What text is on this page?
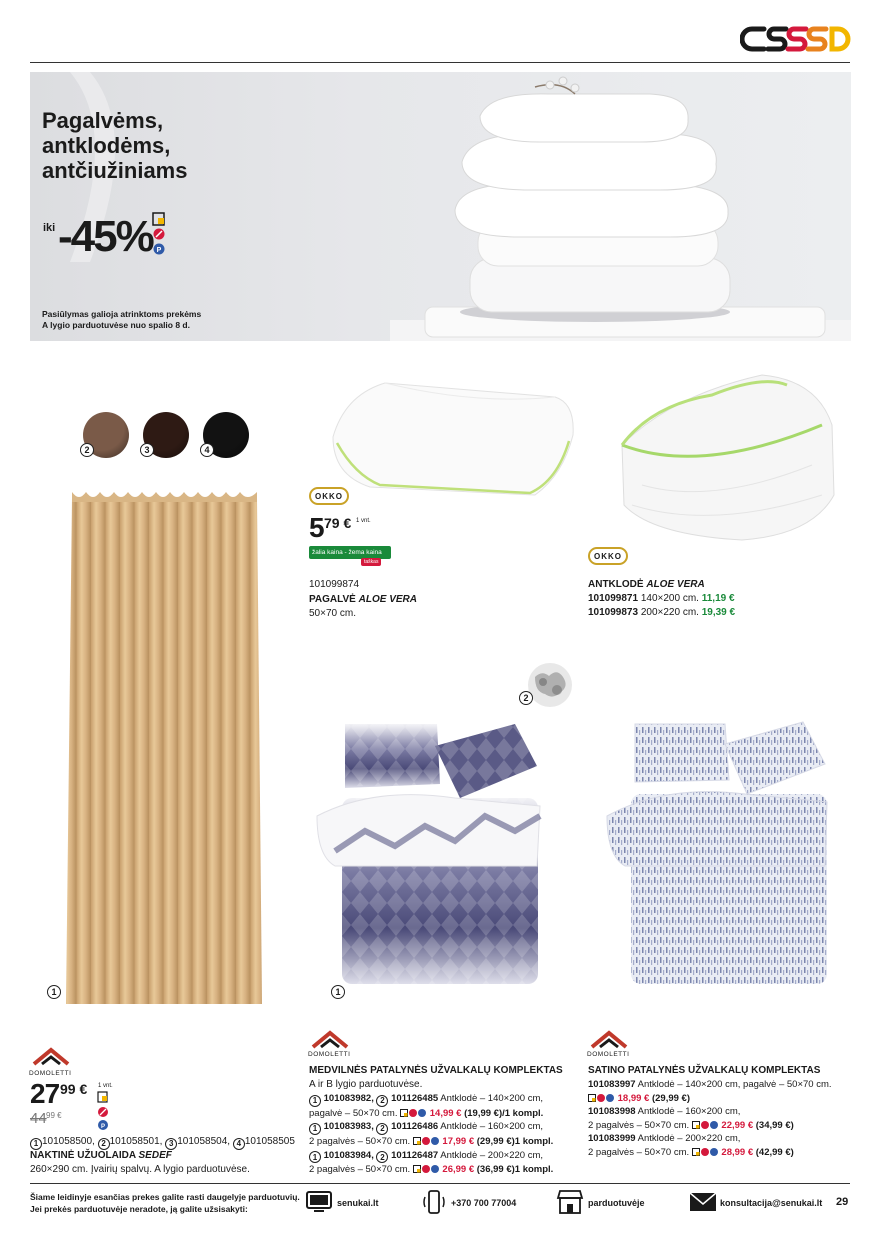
Pagalvėms,
antklodėms,
antčiužiniams
iki -45% P
Pasiūlymas galioja atrinktoms prekėms
A lygio parduotuvėse nuo spalio 8 d.
2	3	4
1
OKKO
5 79 € 1 vnt.
žalia kaina - žema kaina
taškas
101099874
PAGALVĖ ALOE VERA
50×70 cm.
OKKO
ANTKLODĖ ALOE VERA
101099871 140×200 cm. 11,19 €
101099873 200×220 cm. 19,39 €
2
1
DOMOLETTI
DOMOLETTI	DOMOLETTI
27 99 € 1 vnt.
P
44 99 €
1 101058500, 2 101058501, 3 101058504, 4 101058505
NAKTINĖ UŽUOLAIDA SEDEF
260×290 cm. Įvairių spalvų. A lygio parduotuvėse.
MEDVILNĖS PATALYNĖS UŽVALKALŲ KOMPLEKTAS
A ir B lygio parduotuvėse.
1 101083982, 2 101126485 Antklodė – 140×200 cm,
pagalvė – 50×70 cm.	14,99 € (19,99 €)/1 kompl.
1 101083983, 2 101126486 Antklodė – 160×200 cm,
2 pagalvės – 50×70 cm.	17,99 € (29,99 €)1 kompl.
1 101083984, 2 101126487 Antklodė – 200×220 cm,
2 pagalvės – 50×70 cm.	26,99 € (36,99 €)1 kompl.
SATINO PATALYNĖS UŽVALKALŲ KOMPLEKTAS
101083997 Antklodė – 140×200 cm, pagalvė – 50×70 cm.
18,99 € (29,99 €)
101083998 Antklodė – 160×200 cm,
2 pagalvės – 50×70 cm.	22,99 € (34,99 €)
101083999 Antklodė – 200×220 cm,
2 pagalvės – 50×70 cm.	28,99 € (42,99 €)
Šiame leidinyje esančias prekes galite rasti daugelyje parduotuvių.
Jei prekės parduotuvėje neradote, ją galite užsisakyti:
senukai.lt	+370 700 77004	parduotuvėje	konsultacija@senukai.lt 29
